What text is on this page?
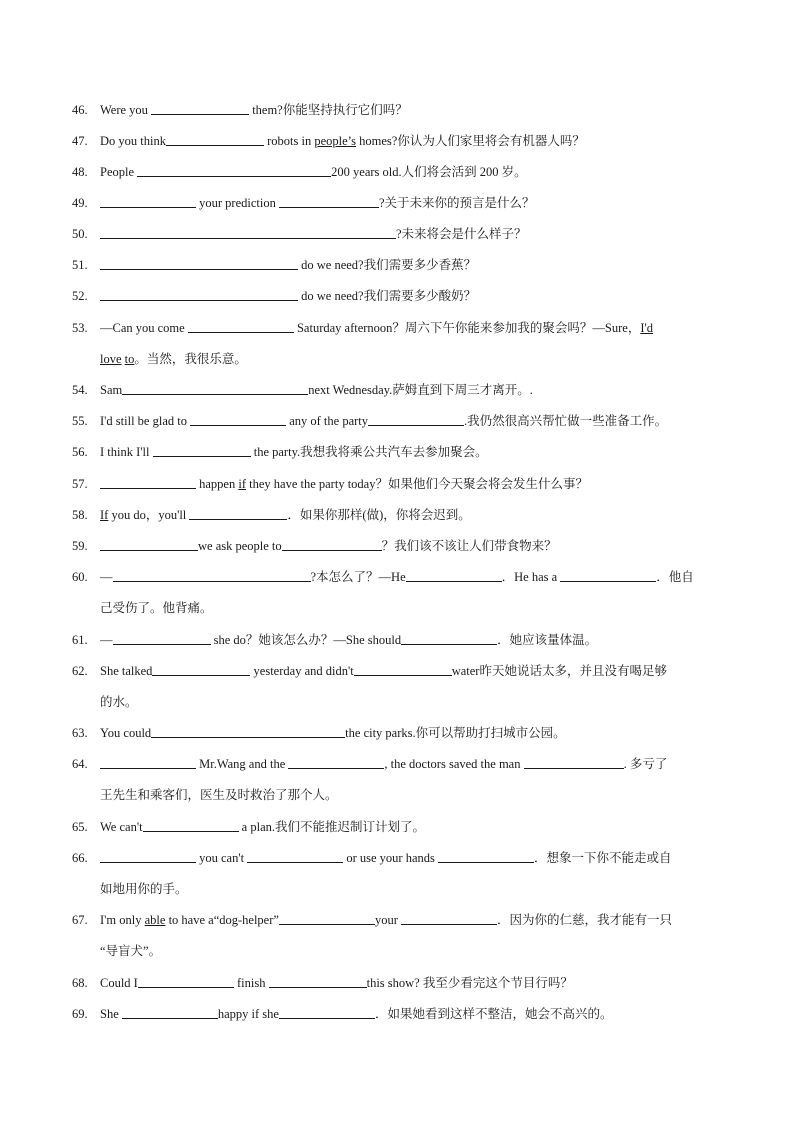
46. Were you	them?你能坚持执行它们吗？
47. Do you think	robots in people’s homes?你认为人们家里将会有机器人吗？
48. People	200 years old.人们将会活到 200 岁。
49.	your prediction	?关于未来你的预言是什么？
50.	?未来将会是什么样子？
51.	do we need?我们需要多少香蕉？
52.	do we need?我们需要多少酸奶？
53. —Can you come	Saturday afternoon？周六下午你能来参加我的聚会吗？—Sure，I'd
love to。当然，我很乐意。
54. Sam	next Wednesday.萨姆直到下周三才离开。.
55. I'd still be glad to	any of the party	.我仍然很高兴帮忙做一些准备工作。
56. I think I'll	the party.我想我将乘公共汽车去参加聚会。
57.	happen if they have the party today？如果他们今天聚会将会发生什么事？
58. If you do，you'll	．如果你那样(做)，你将会迟到。
59.	we ask people to	？我们该不该让人们带食物来？
60. —	?本怎么了？—He	．He has a	．他自
己受伤了。他背痛。
61. —	she do？她该怎么办？—She should	．她应该量体温。
62. She talked	yesterday and didn't	water昨天她说话太多，并且没有喝足够
的水。
63. You could	the city parks.你可以帮助打扫城市公园。
64.	Mr.Wang and the	, the doctors saved the man	. 多亏了
王先生和乘客们，医生及时救治了那个人。
65. We can't	a plan.我们不能推迟制订计划了。
66.	you can't	or use your hands	．想象一下你不能走或自
如地用你的手。
67. I'm only able to have a“dog-helper”	your	．因为你的仁慈，我才能有一只
“导盲犬”。
68. Could I	finish	this show? 我至少看完这个节目行吗？
69. She	happy if she	．如果她看到这样不整洁，她会不高兴的。
